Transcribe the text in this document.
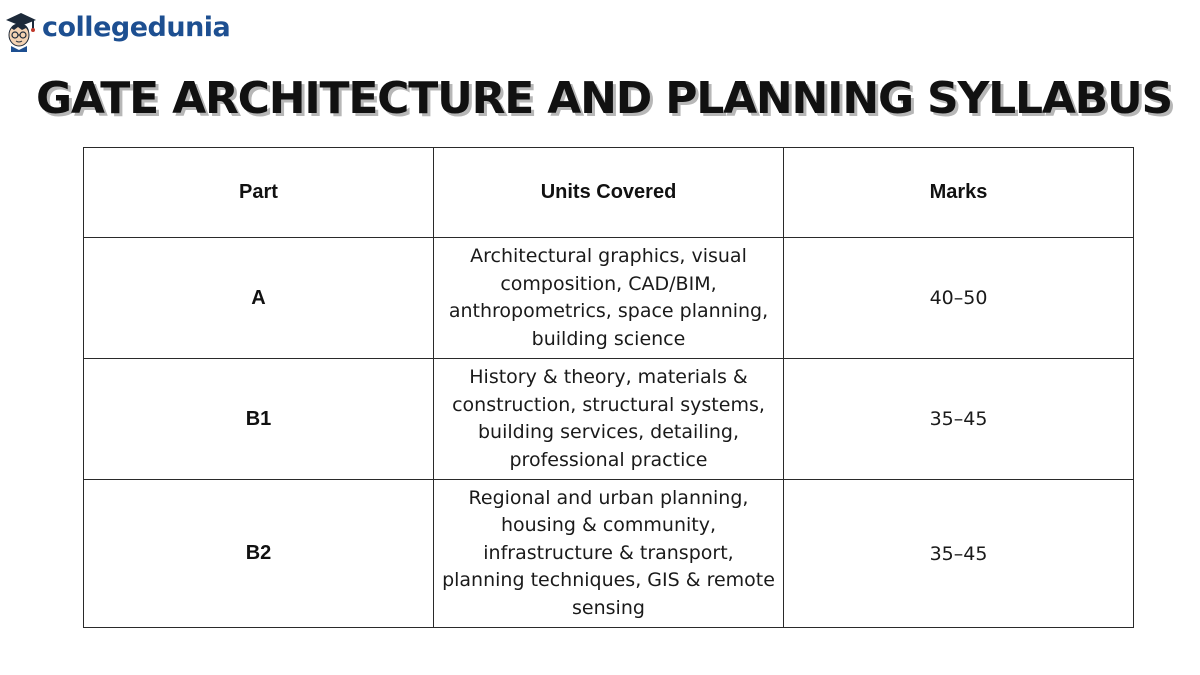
collegedunia
GATE ARCHITECTURE AND PLANNING SYLLABUS
Part	Units Covered	Marks
A	Architectural graphics, visual composition, CAD/BIM, anthropometrics, space planning, building science	40–50
B1	History & theory, materials & construction, structural systems, building services, detailing, professional practice	35–45
B2	Regional and urban planning, housing & community, infrastructure & transport, planning techniques, GIS & remote sensing	35–45
